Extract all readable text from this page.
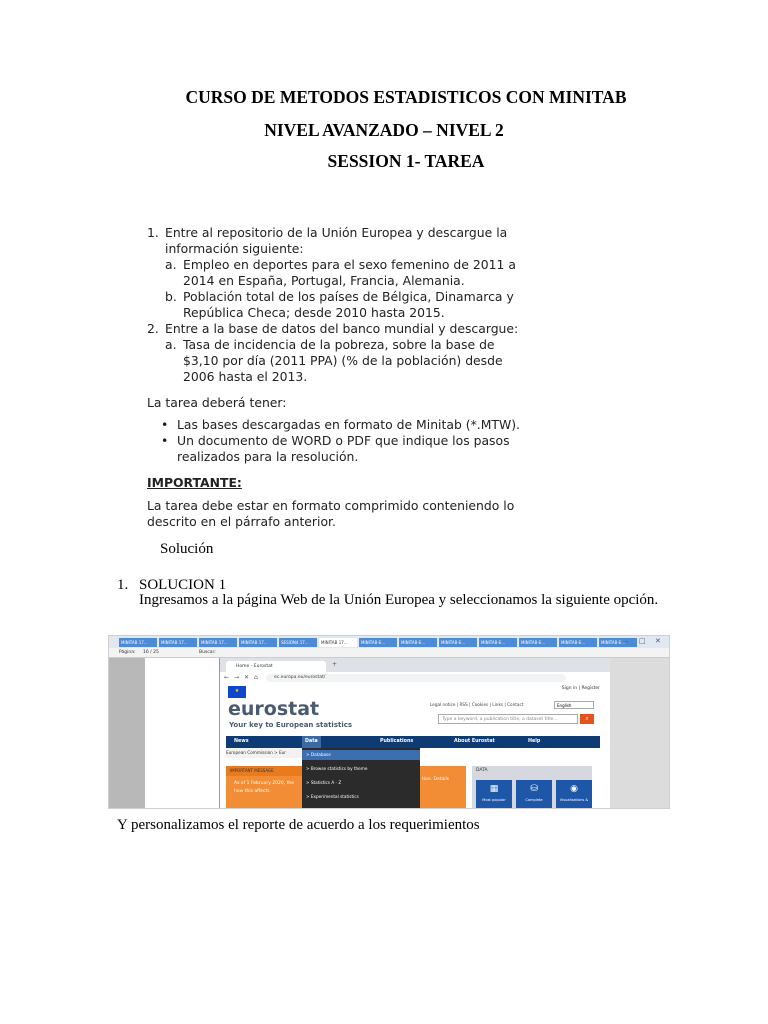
CURSO DE METODOS ESTADISTICOS CON MINITAB
NIVEL AVANZADO – NIVEL 2
SESSION 1- TAREA
1. Entre al repositorio de la Unión Europea y descargue la
información siguiente:
a. Empleo en deportes para el sexo femenino de 2011 a
2014 en España, Portugal, Francia, Alemania.
b. Población total de los países de Bélgica, Dinamarca y
República Checa; desde 2010 hasta 2015.
2. Entre a la base de datos del banco mundial y descargue:
a. Tasa de incidencia de la pobreza, sobre la base de
$3,10 por día (2011 PPA) (% de la población) desde
2006 hasta el 2013.
La tarea deberá tener:
• Las bases descargadas en formato de Minitab (*.MTW).
• Un documento de WORD o PDF que indique los pasos
realizados para la resolución.
IMPORTANTE:
La tarea debe estar en formato comprimido conteniendo lo
descrito en el párrafo anterior.
Solución
1. SOLUCION 1
Ingresamos a la página Web de la Unión Europea y seleccionamos la siguiente opción.
MINITAB 17...	MINITAB 17...	MINITAB 17...	MINITAB 17...	SESION4 17...	MINITAB 17...	MINITAB-E...	MINITAB-E...	MINITAB-E...	MINITAB-E...	MINITAB-E...	MINITAB-E...	MINITAB-E... – □ ✕
Página: 16 / 25	Buscar:
Home - Eurostat	+
← → ✕ ⌂	ec.europa.eu/eurostat/
★
Sign in | Register
eurostat
Your key to European statistics
Legal notice | RSS | Cookies | Links | Contact	English
Type a keyword, a publication title, a dataset title...	⌕
News	Data	Publications	About Eurostat	Help
European Commission > Eur
IMPORTANT MESSAGE
As of 1 February 2020, the
how this affects
tion. Details
> Database
> Browse statistics by theme
> Statistics A - Z
> Experimental statistics
DATA
▦
Most popular
⛁
Complete
◉
Visualisations &
Y personalizamos el reporte de acuerdo a los requerimientos
